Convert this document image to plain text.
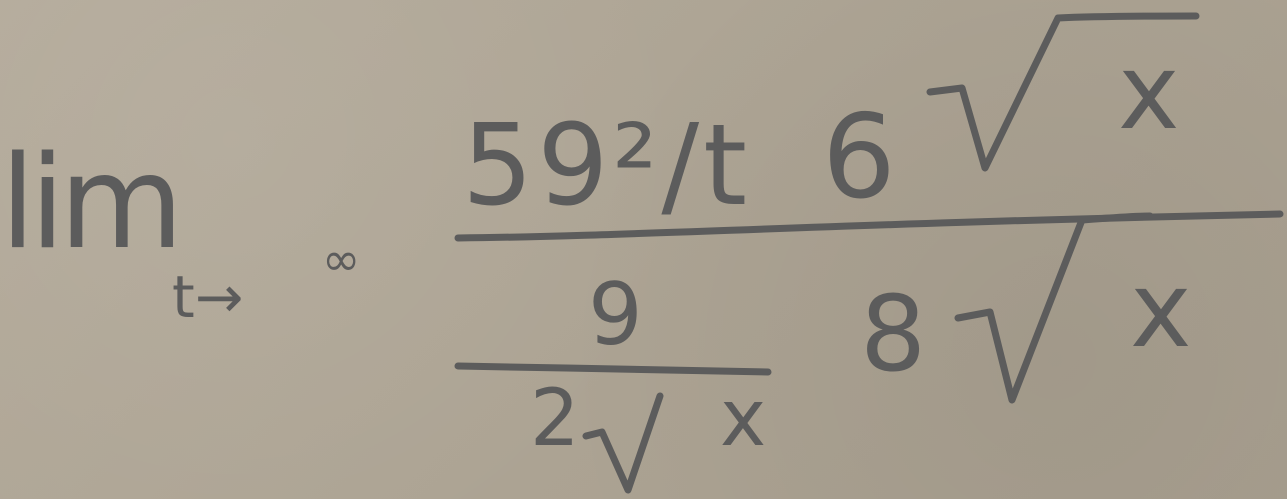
lim
t→
∞
59²/t 6 x
9
2 x
8 x
